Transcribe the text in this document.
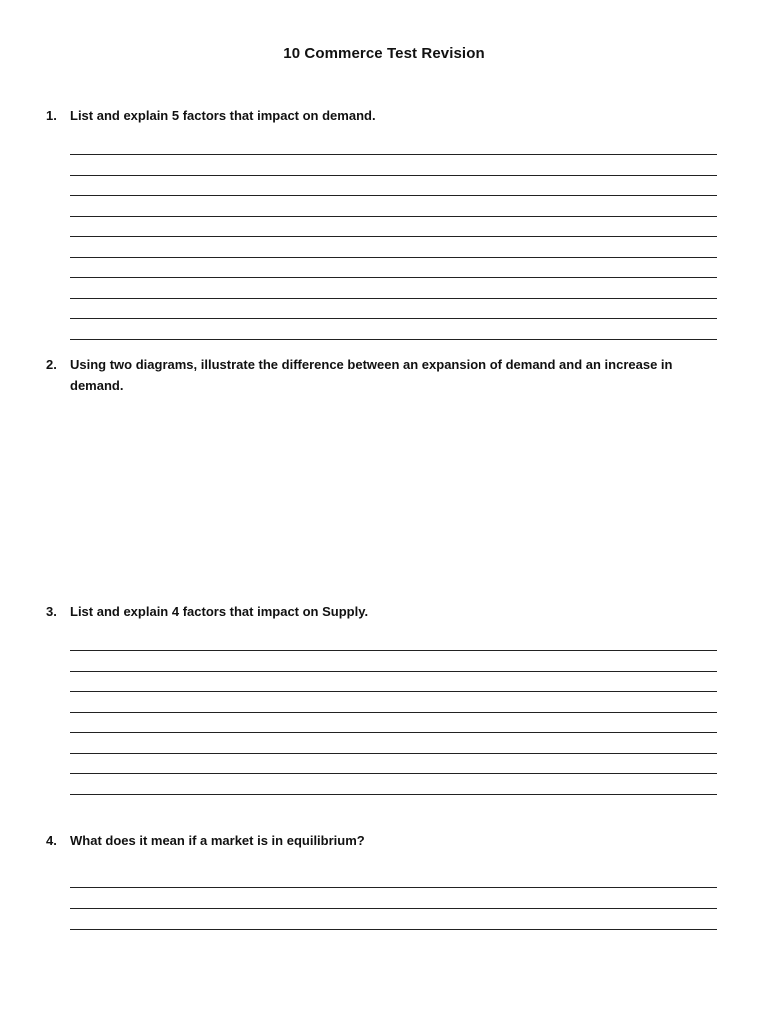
10 Commerce Test Revision
1.	List and explain 5 factors that impact on demand.
2.	Using two diagrams, illustrate the difference between an expansion of demand and an increase in demand.
3.	List and explain 4 factors that impact on Supply.
4.	What does it mean if a market is in equilibrium?
